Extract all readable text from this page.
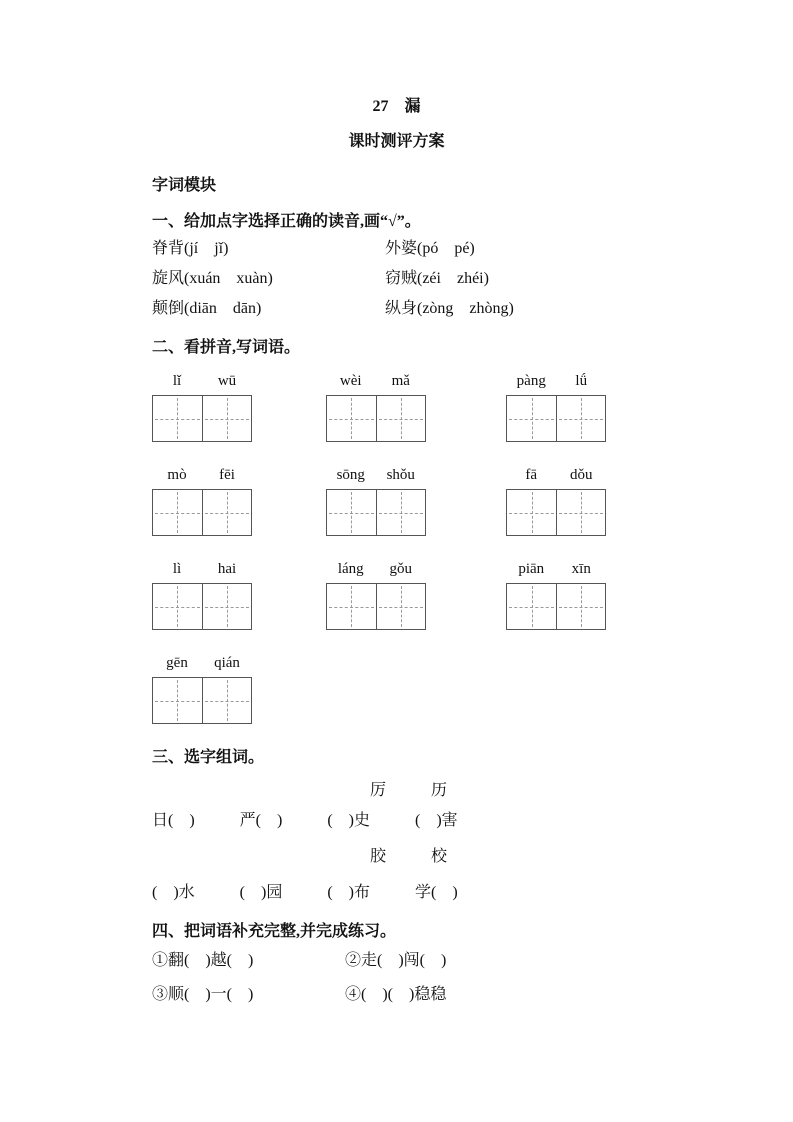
27　漏
课时测评方案
字词模块
一、给加点字选择正确的读音,画“√”。
脊背(jí　jǐ)	外婆(pó　pé)
旋风(xuán　xuàn)	窃贼(zéi　zhéi)
颠倒(diān　dān)	纵身(zòng　zhòng)
二、看拼音,写词语。
lǐ	wū	wèi	mǎ	pàng	lǘ
mò	fēi	sōng	shǒu	fā	dǒu
lì	hai	láng	gǒu	piān	xīn
gēn	qián
三、选字组词。
厉	历
日(　)	严(　)	(　)史	(　)害
胶	校
(　)水	(　)园	(　)布	学(　)
四、把词语补充完整,并完成练习。
①翻(　)越(　)	②走(　)闯(　)
③顺(　)一(　)	④(　)(　)稳稳
